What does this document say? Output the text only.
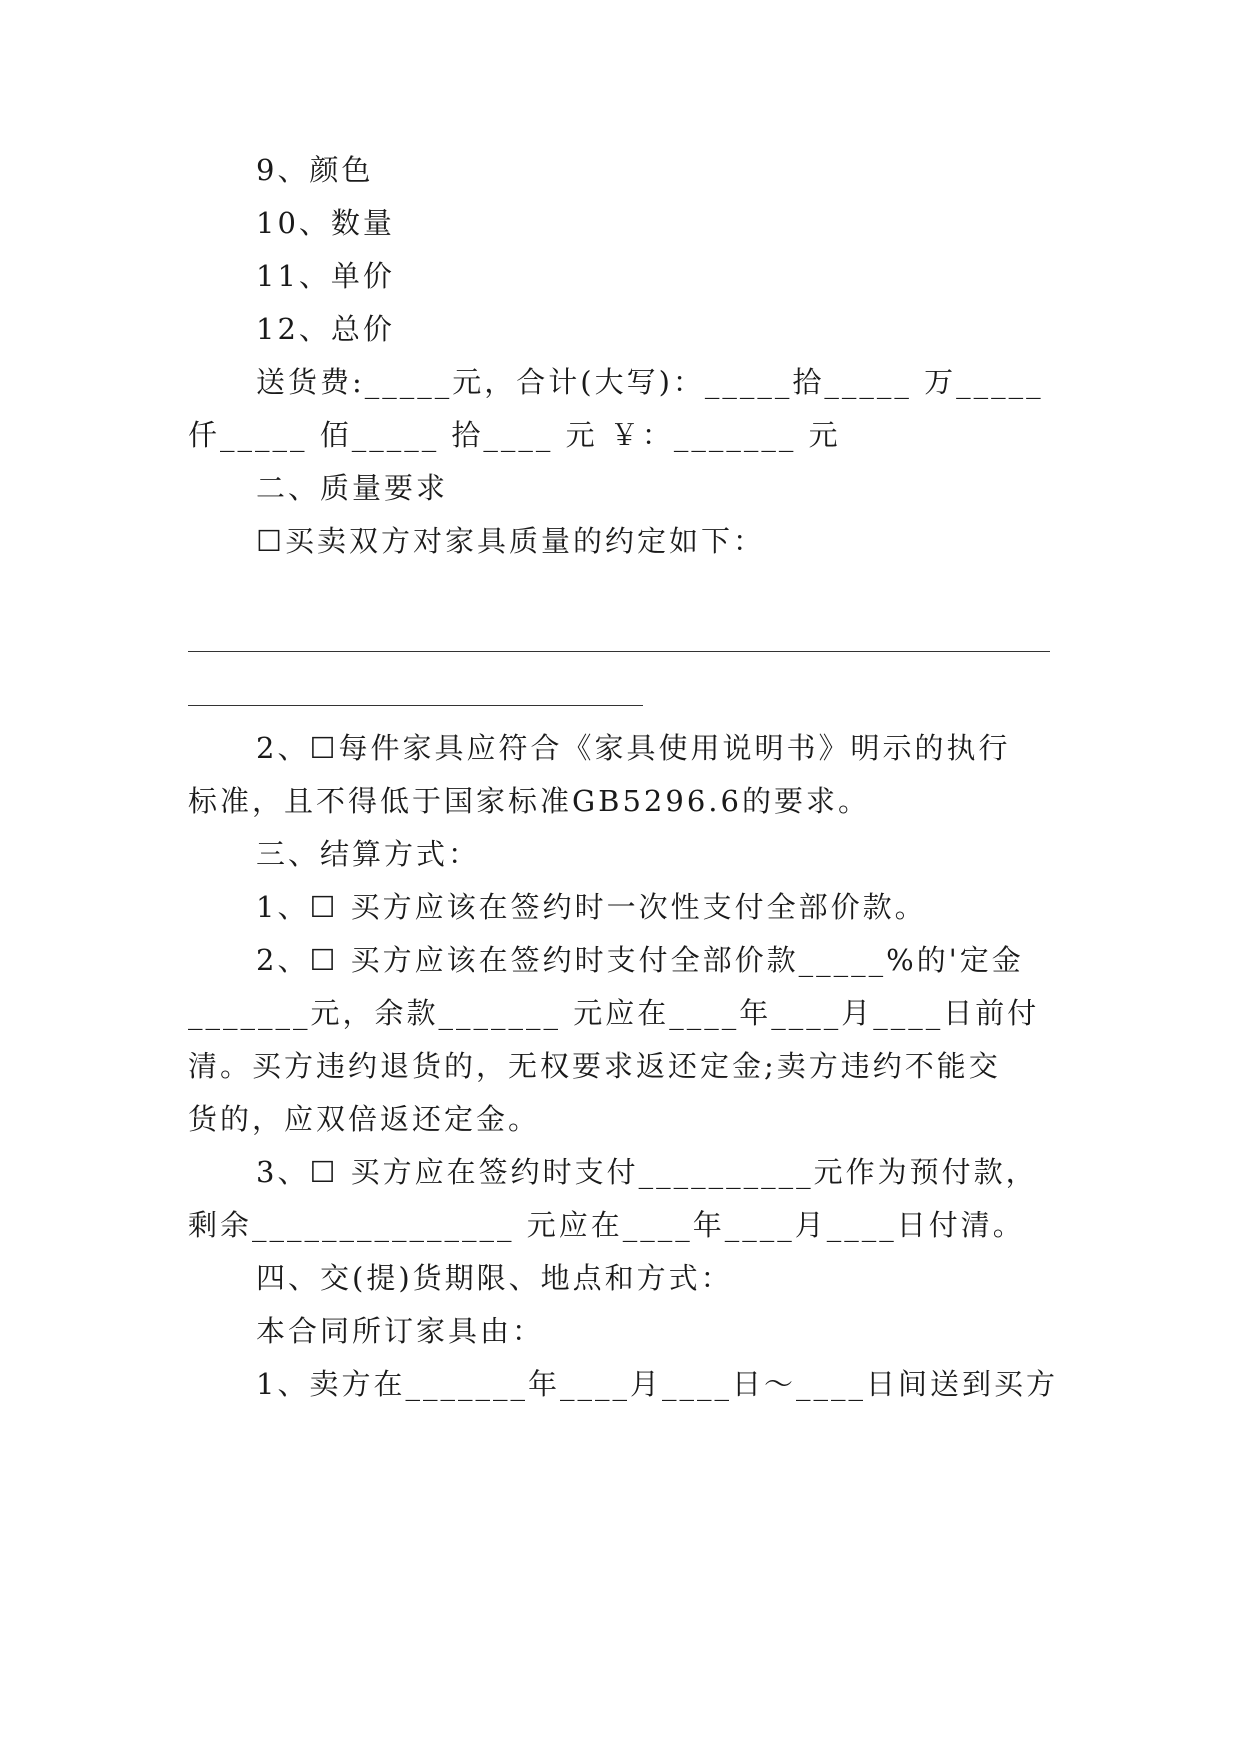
9、颜色
10、数量
11、单价
12、总价
送货费:_____元，合计(大写)：_____拾_____ 万_____
仟_____ 佰_____ 拾____ 元 ￥：_______ 元
二、质量要求
☐买卖双方对家具质量的约定如下：
2、☐每件家具应符合《家具使用说明书》明示的执行
标准，且不得低于国家标准GB5296.6的要求。
三、结算方式：
1、☐ 买方应该在签约时一次性支付全部价款。
2、☐ 买方应该在签约时支付全部价款_____%的'定金
_______元，余款_______ 元应在____年____月____日前付
清。买方违约退货的，无权要求返还定金;卖方违约不能交
货的，应双倍返还定金。
3、☐ 买方应在签约时支付__________元作为预付款，
剩余_______________ 元应在____年____月____日付清。
四、交(提)货期限、地点和方式：
本合同所订家具由：
1、卖方在_______年____月____日～____日间送到买方
